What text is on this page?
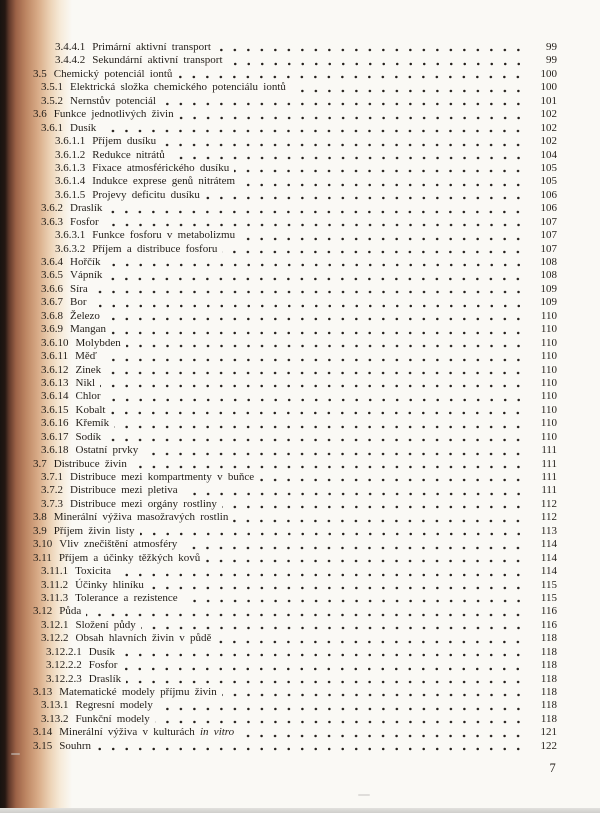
3.4.4.1 Primární aktivní transport	99
3.4.4.2 Sekundární aktivní transport	99
3.5 Chemický potenciál iontů	100
3.5.1 Elektrická složka chemického potenciálu iontů	100
3.5.2 Nernstův potenciál	101
3.6 Funkce jednotlivých živin	102
3.6.1 Dusík	102
3.6.1.1 Příjem dusíku	102
3.6.1.2 Redukce nitrátů	104
3.6.1.3 Fixace atmosférického dusíku	105
3.6.1.4 Indukce exprese genů nitrátem	105
3.6.1.5 Projevy deficitu dusíku	106
3.6.2 Draslík	106
3.6.3 Fosfor	107
3.6.3.1 Funkce fosforu v metabolizmu	107
3.6.3.2 Příjem a distribuce fosforu	107
3.6.4 Hořčík	108
3.6.5 Vápník	108
3.6.6 Síra	109
3.6.7 Bor	109
3.6.8 Železo	110
3.6.9 Mangan	110
3.6.10 Molybden	110
3.6.11 Měď	110
3.6.12 Zinek	110
3.6.13 Nikl	110
3.6.14 Chlor	110
3.6.15 Kobalt	110
3.6.16 Křemík	110
3.6.17 Sodík	110
3.6.18 Ostatní prvky	111
3.7 Distribuce živin	111
3.7.1 Distribuce mezi kompartmenty v buňce	111
3.7.2 Distribuce mezi pletiva	111
3.7.3 Distribuce mezi orgány rostliny	112
3.8 Minerální výživa masožravých rostlin	112
3.9 Příjem živin listy	113
3.10 Vliv znečištění atmosféry	114
3.11 Příjem a účinky těžkých kovů	114
3.11.1 Toxicita	114
3.11.2 Účinky hliníku	115
3.11.3 Tolerance a rezistence	115
3.12 Půda	116
3.12.1 Složení půdy	116
3.12.2 Obsah hlavních živin v půdě	118
3.12.2.1 Dusík	118
3.12.2.2 Fosfor	118
3.12.2.3 Draslík	118
3.13 Matematické modely příjmu živin	118
3.13.1 Regresní modely	118
3.13.2 Funkční modely	118
3.14 Minerální výživa v kulturách in vitro	121
3.15 Souhrn	122
7
